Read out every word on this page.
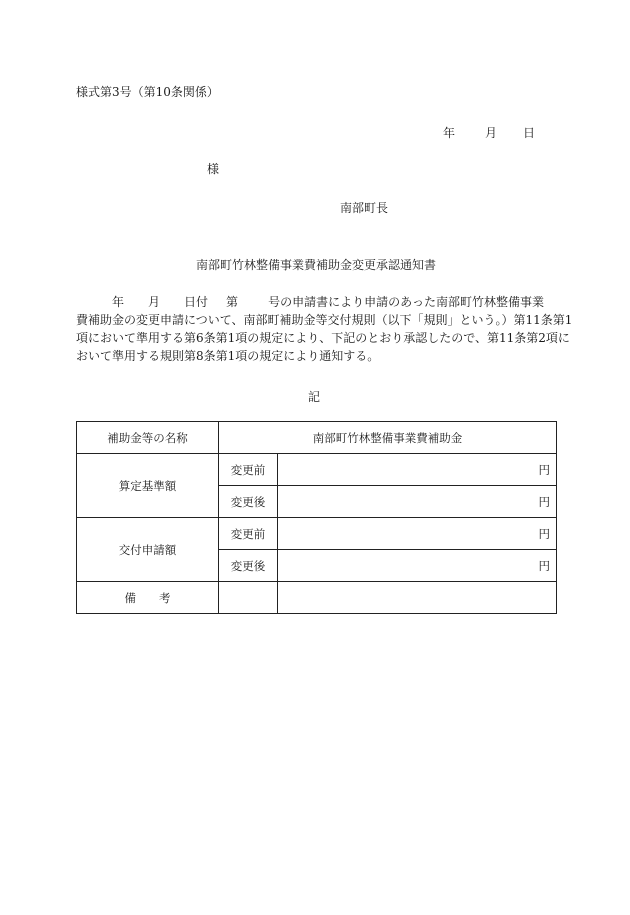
様式第3号（第10条関係）
年	月 日
様
南部町長
南部町竹林整備事業費補助金変更承認通知書
年 月 日付 第	号の申請書により申請のあった南部町竹林整備事業
費補助金の変更申請について、南部町補助金等交付規則（以下「規則」という。）第11条第1
項において準用する第6条第1項の規定により、下記のとおり承認したので、第11条第2項に
おいて準用する規則第8条第1項の規定により通知する。
記
補助金等の名称	南部町竹林整備事業費補助金	
算定基準額	変更前	円
	変更後	円
交付申請額	変更前	円
	変更後	円
備　　考		
